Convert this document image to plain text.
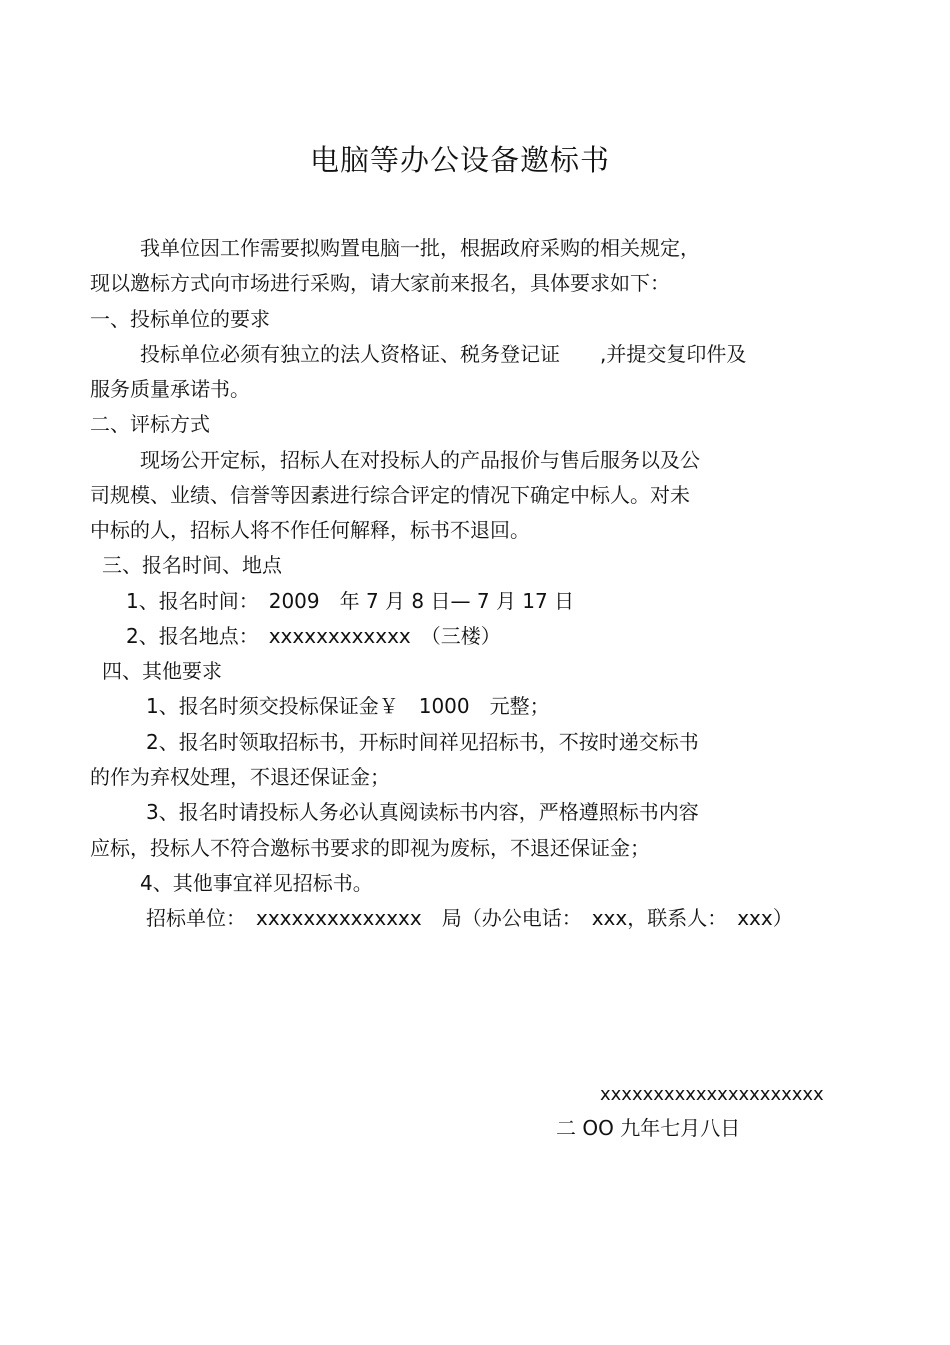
电脑等办公设备邀标书
我单位因工作需要拟购置电脑一批，根据政府采购的相关规定，
现以邀标方式向市场进行采购，请大家前来报名，具体要求如下：
一、投标单位的要求
投标单位必须有独立的法人资格证、税务登记证　　,并提交复印件及
服务质量承诺书。
二、评标方式
现场公开定标，招标人在对投标人的产品报价与售后服务以及公
司规模、业绩、信誉等因素进行综合评定的情况下确定中标人。对未
中标的人，招标人将不作任何解释，标书不退回。
三、报名时间、地点
1、报名时间：　2009　年 7 月 8 日— 7 月 17 日
2、报名地点：　xxxxxxxxxxxx　（三楼）
四、其他要求
1、报名时须交投标保证金￥　1000　元整；
2、报名时领取招标书，开标时间祥见招标书，不按时递交标书
的作为弃权处理，不退还保证金；
3、报名时请投标人务必认真阅读标书内容，严格遵照标书内容
应标，投标人不符合邀标书要求的即视为废标，不退还保证金；
4、其他事宜祥见招标书。
招标单位：　xxxxxxxxxxxxxx　局（办公电话：　xxx，联系人：　xxx）
xxxxxxxxxxxxxxxxxxxxx
二 OO 九年七月八日
